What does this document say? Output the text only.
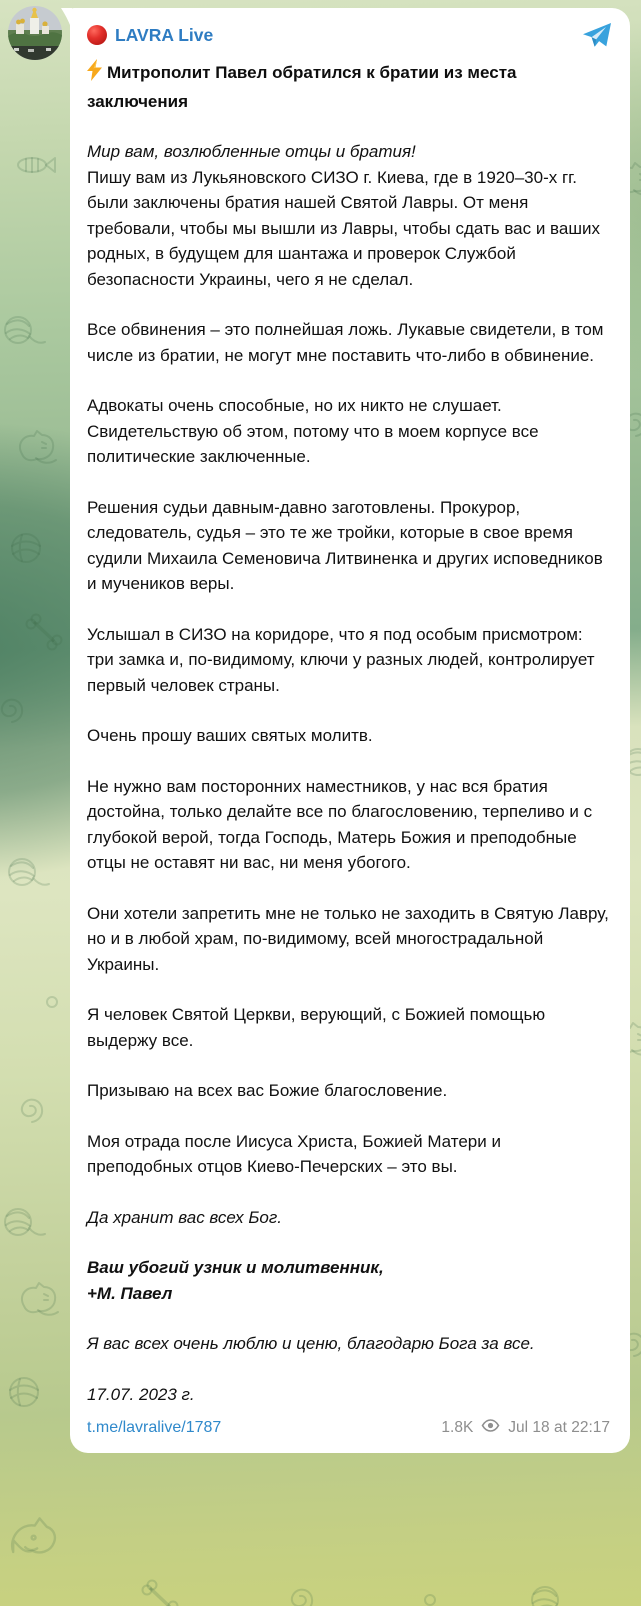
LAVRA Live
Митрополит Павел обратился к братии из места заключения

Мир вам, возлюбленные отцы и братия!

Пишу вам из Лукьяновского СИЗО г. Киева, где в 1920–30-х гг. были заключены братия нашей Святой Лавры. От меня требовали, чтобы мы вышли из Лавры, чтобы сдать вас и ваших родных, в будущем для шантажа и проверок Службой безопасности Украины, чего я не сделал.

Все обвинения – это полнейшая ложь. Лукавые свидетели, в том числе из братии, не могут мне поставить что-либо в обвинение.

Адвокаты очень способные, но их никто не слушает. Свидетельствую об этом, потому что в моем корпусе все политические заключенные.

Решения судьи давным-давно заготовлены. Прокурор, следователь, судья – это те же тройки, которые в свое время судили Михаила Семеновича Литвиненка и других исповедников и мучеников веры.

Услышал в СИЗО на коридоре, что я под особым присмотром: три замка и, по-видимому, ключи у разных людей, контролирует первый человек страны.

Очень прошу ваших святых молитв.

Не нужно вам посторонних наместников, у нас вся братия достойна, только делайте все по благословению, терпеливо и с глубокой верой, тогда Господь, Матерь Божия и преподобные отцы не оставят ни вас, ни меня убогого.

Они хотели запретить мне не только не заходить в Святую Лавру, но и в любой храм, по-видимому, всей многострадальной Украины.

Я человек Святой Церкви, верующий, с Божией помощью выдержу все.

Призываю на всех вас Божие благословение.

Моя отрада после Иисуса Христа, Божией Матери и преподобных отцов Киево-Печерских – это вы.

Да хранит вас всех Бог.

Ваш убогий узник и молитвенник,

+М. Павел

Я вас всех очень люблю и ценю, благодарю Бога за все.

17.07. 2023 г.

t.me/lavralive/1787	1.8K Jul 18 at 22:17
